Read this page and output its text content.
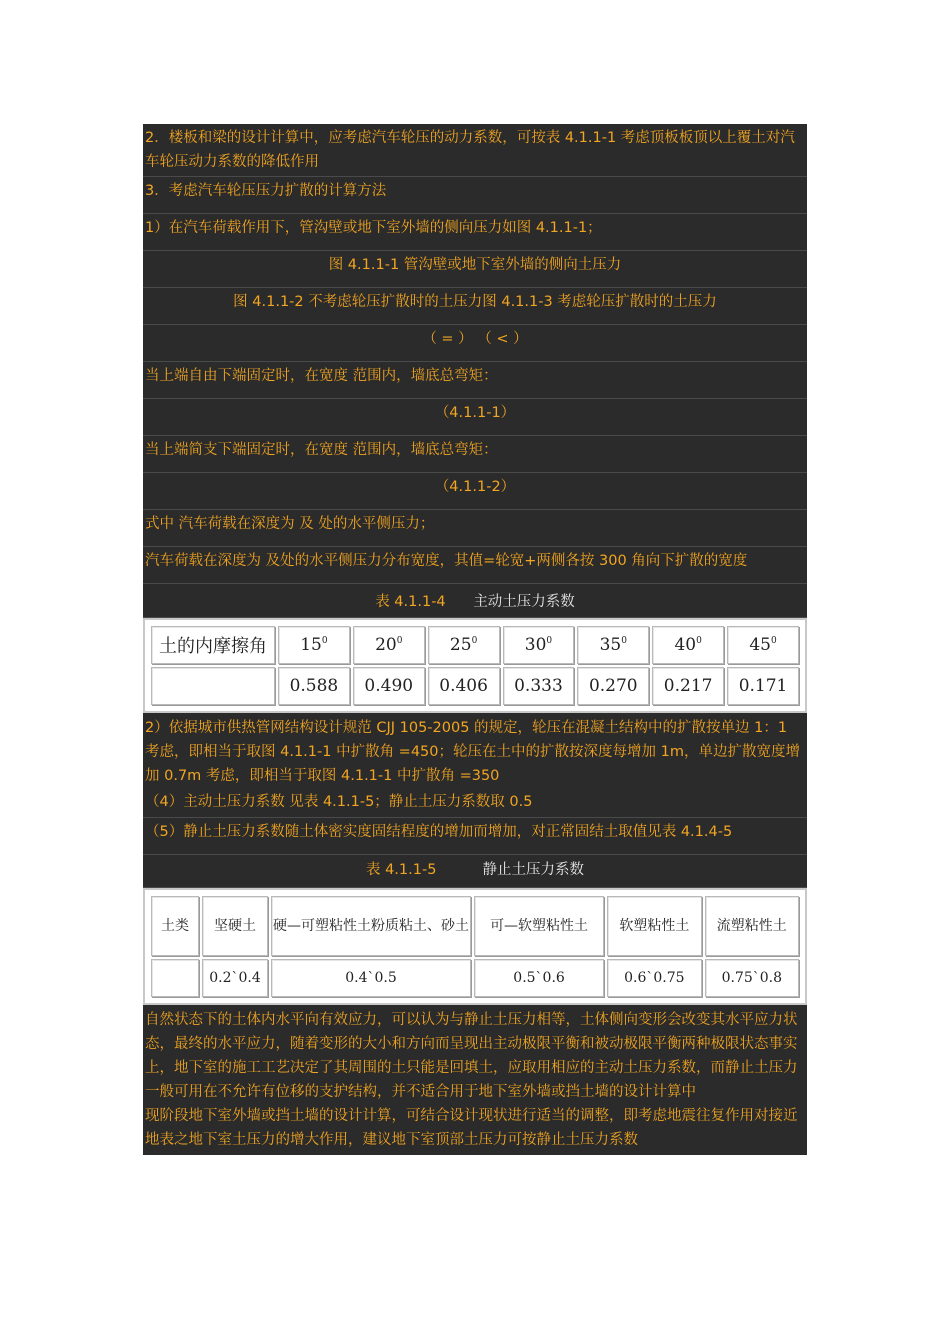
2．楼板和梁的设计计算中，应考虑汽车轮压的动力系数，可按表 4.1.1-1 考虑顶板板顶以上覆土对汽车轮压动力系数的降低作用
3．考虑汽车轮压压力扩散的计算方法
1）在汽车荷载作用下，管沟壁或地下室外墙的侧向压力如图 4.1.1-1；
图 4.1.1-1 管沟壁或地下室外墙的侧向土压力
图 4.1.1-2 不考虑轮压扩散时的土压力图 4.1.1-3 考虑轮压扩散时的土压力
（ = ） （ < ）
当上端自由下端固定时，在宽度 范围内，墙底总弯矩：
（4.1.1-1）
当上端简支下端固定时，在宽度 范围内，墙底总弯矩：
（4.1.1-2）
式中 汽车荷载在深度为 及 处的水平侧压力；
汽车荷载在深度为 及处的水平侧压力分布宽度，其值=轮宽+两侧各按 300 角向下扩散的宽度
表 4.1.1-4 主动土压力系数
土的内摩擦角	$15^0$	$20^0$	$25^0$	$30^0$	$35^0$	$40^0$	$45^0$
	0.588	0.490	0.406	0.333	0.270	0.217	0.171
2）依据城市供热管网结构设计规范 CJJ 105-2005 的规定，轮压在混凝土结构中的扩散按单边 1：1 考虑，即相当于取图 4.1.1-1 中扩散角 =450；轮压在土中的扩散按深度每增加 1m，单边扩散宽度增加 0.7m 考虑，即相当于取图 4.1.1-1 中扩散角 =350
（4）主动土压力系数 见表 4.1.1-5；静止土压力系数取 0.5
（5）静止土压力系数随土体密实度固结程度的增加而增加，对正常固结土取值见表 4.1.4-5
表 4.1.1-5	静止土压力系数
土类	坚硬土	硬—可塑粘性土粉质粘土、砂土	可—软塑粘性土	软塑粘性土	流塑粘性土
	0.2`0.4	0.4`0.5	0.5`0.6	0.6`0.75	0.75`0.8
自然状态下的土体内水平向有效应力，可以认为与静止土压力相等，土体侧向变形会改变其水平应力状态，最终的水平应力，随着变形的大小和方向而呈现出主动极限平衡和被动极限平衡两种极限状态事实上，地下室的施工工艺决定了其周围的土只能是回填土，应取用相应的主动土压力系数，而静止土压力一般可用在不允许有位移的支护结构，并不适合用于地下室外墙或挡土墙的设计计算中
现阶段地下室外墙或挡土墙的设计计算，可结合设计现状进行适当的调整，即考虑地震往复作用对接近地表之地下室土压力的增大作用，建议地下室顶部土压力可按静止土压力系数
